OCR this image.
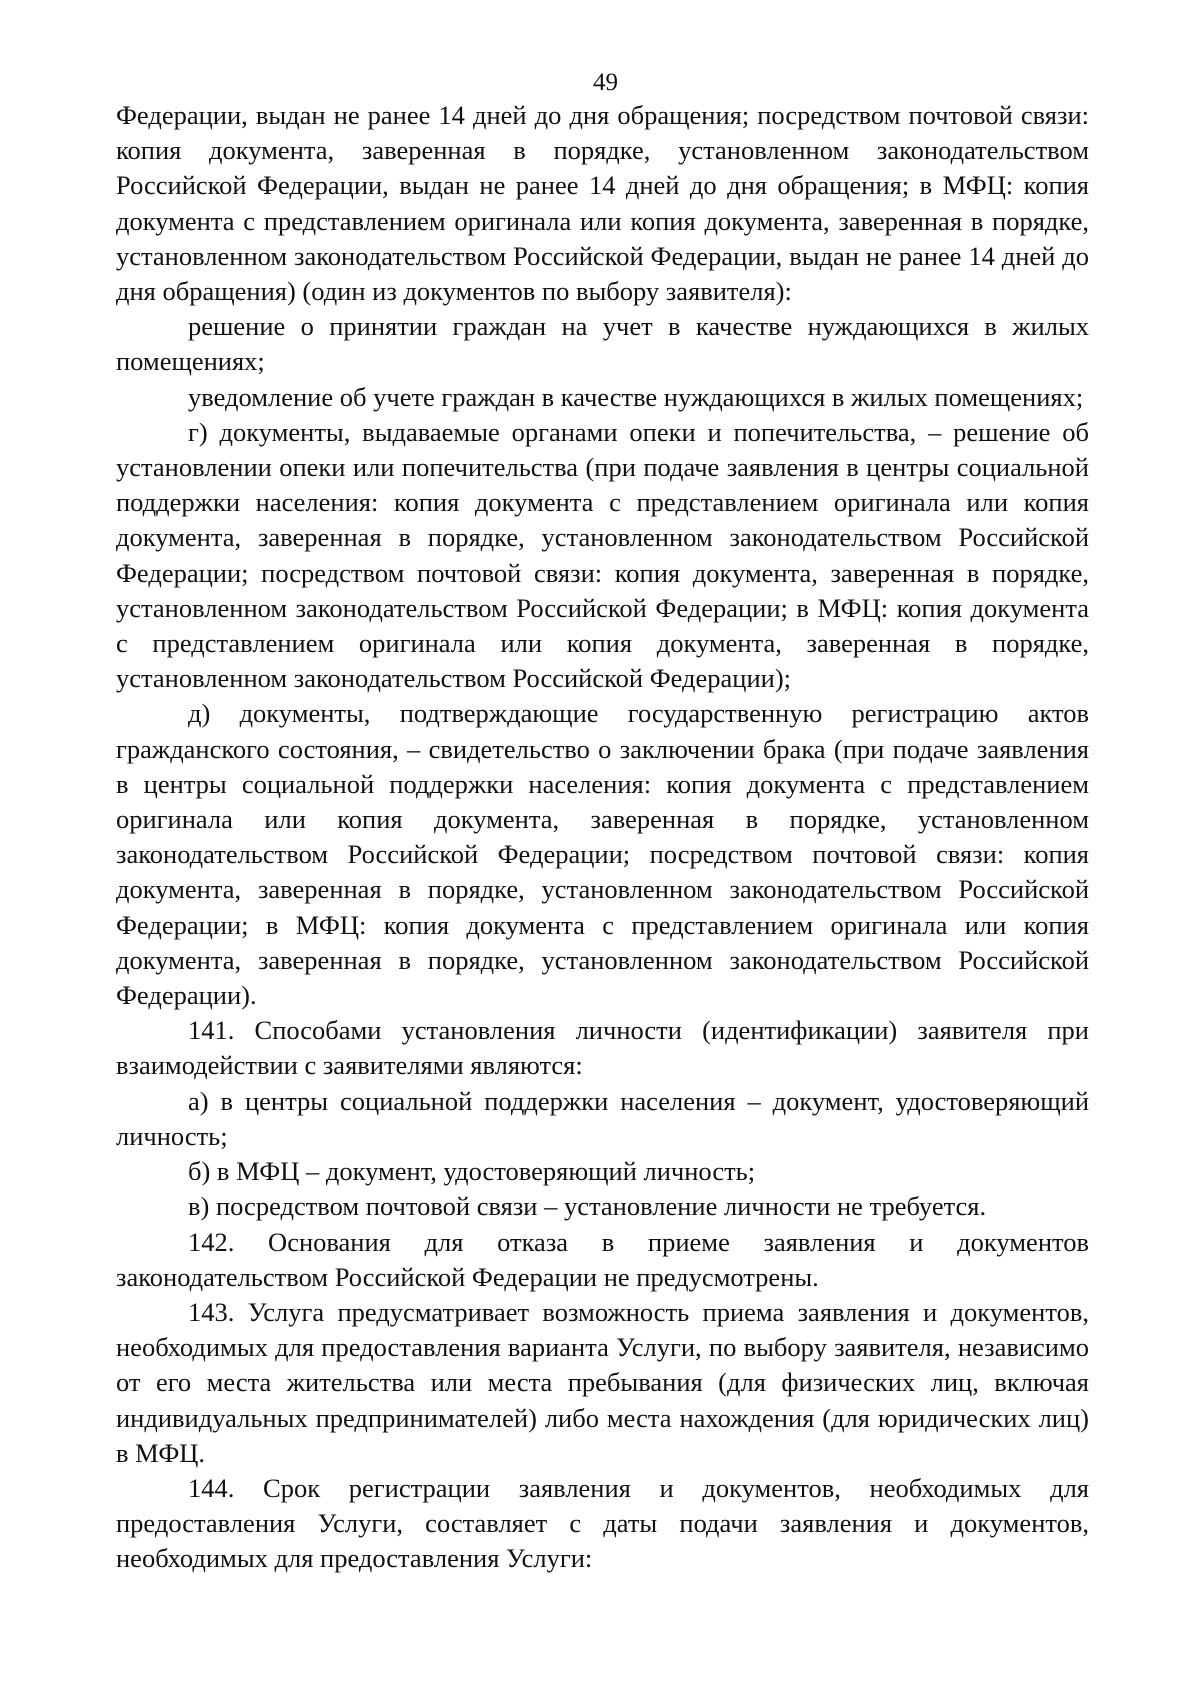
49

Федерации, выдан не ранее 14 дней до дня обращения; посредством почтовой связи: копия документа, заверенная в порядке, установленном законодательством Российской Федерации, выдан не ранее 14 дней до дня обращения; в МФЦ: копия документа с представлением оригинала или копия документа, заверенная в порядке, установленном законодательством Российской Федерации, выдан не ранее 14 дней до дня обращения) (один из документов по выбору заявителя):

решение о принятии граждан на учет в качестве нуждающихся в жилых помещениях;

уведомление об учете граждан в качестве нуждающихся в жилых помещениях;

г) документы, выдаваемые органами опеки и попечительства, – решение об установлении опеки или попечительства (при подаче заявления в центры социальной поддержки населения: копия документа с представлением оригинала или копия документа, заверенная в порядке, установленном законодательством Российской Федерации; посредством почтовой связи: копия документа, заверенная в порядке, установленном законодательством Российской Федерации; в МФЦ: копия документа с представлением оригинала или копия документа, заверенная в порядке, установленном законодательством Российской Федерации);

д) документы, подтверждающие государственную регистрацию актов гражданского состояния, – свидетельство о заключении брака (при подаче заявления в центры социальной поддержки населения: копия документа с представлением оригинала или копия документа, заверенная в порядке, установленном законодательством Российской Федерации; посредством почтовой связи: копия документа, заверенная в порядке, установленном законодательством Российской Федерации; в МФЦ: копия документа с представлением оригинала или копия документа, заверенная в порядке, установленном законодательством Российской Федерации).

141. Способами установления личности (идентификации) заявителя при взаимодействии с заявителями являются:

а) в центры социальной поддержки населения – документ, удостоверяющий личность;

б) в МФЦ – документ, удостоверяющий личность;

в) посредством почтовой связи – установление личности не требуется.

142. Основания для отказа в приеме заявления и документов законодательством Российской Федерации не предусмотрены.

143. Услуга предусматривает возможность приема заявления и документов, необходимых для предоставления варианта Услуги, по выбору заявителя, независимо от его места жительства или места пребывания (для физических лиц, включая индивидуальных предпринимателей) либо места нахождения (для юридических лиц) в МФЦ.

144. Срок регистрации заявления и документов, необходимых для предоставления Услуги, составляет с даты подачи заявления и документов, необходимых для предоставления Услуги:
